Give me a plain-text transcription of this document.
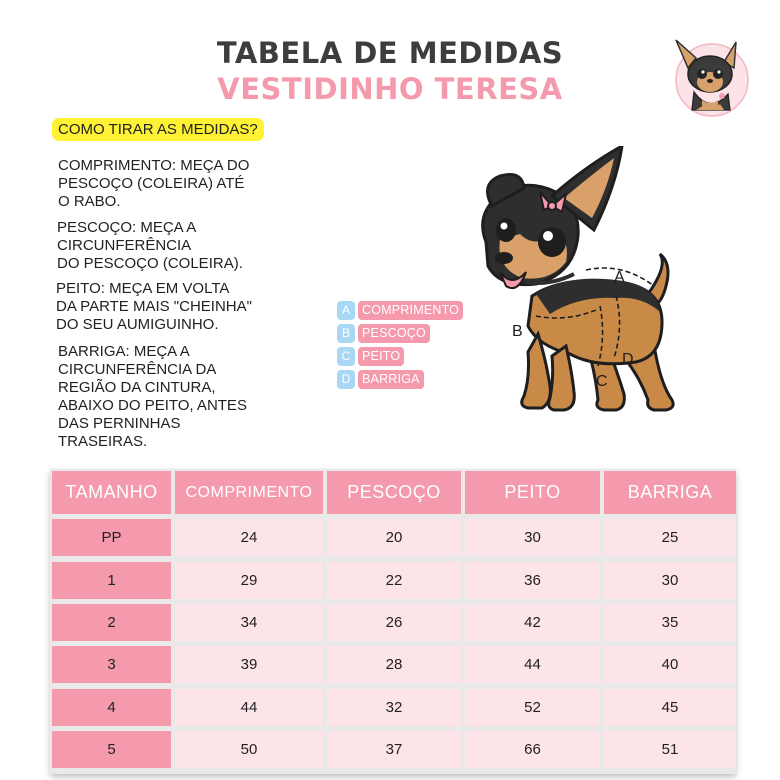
TABELA DE MEDIDAS
VESTIDINHO TERESA
COMO TIRAR AS MEDIDAS?
COMPRIMENTO: MEÇA DO
PESCOÇO (COLEIRA) ATÉ
O RABO.
PESCOÇO: MEÇA A
CIRCUNFERÊNCIA
DO PESCOÇO (COLEIRA).
PEITO: MEÇA EM VOLTA
DA PARTE MAIS "CHEINHA"
DO SEU AUMIGUINHO.
BARRIGA: MEÇA A
CIRCUNFERÊNCIA DA
REGIÃO DA CINTURA,
ABAIXO DO PEITO, ANTES
DAS PERNINHAS
TRASEIRAS.
A COMPRIMENTO
B PESCOÇO
C PEITO
D BARRIGA
A
B
C
D
TAMANHO	COMPRIMENTO	PESCOÇO	PEITO	BARRIGA
PP	24	20	30	25
1	29	22	36	30
2	34	26	42	35
3	39	28	44	40
4	44	32	52	45
5	50	37	66	51
